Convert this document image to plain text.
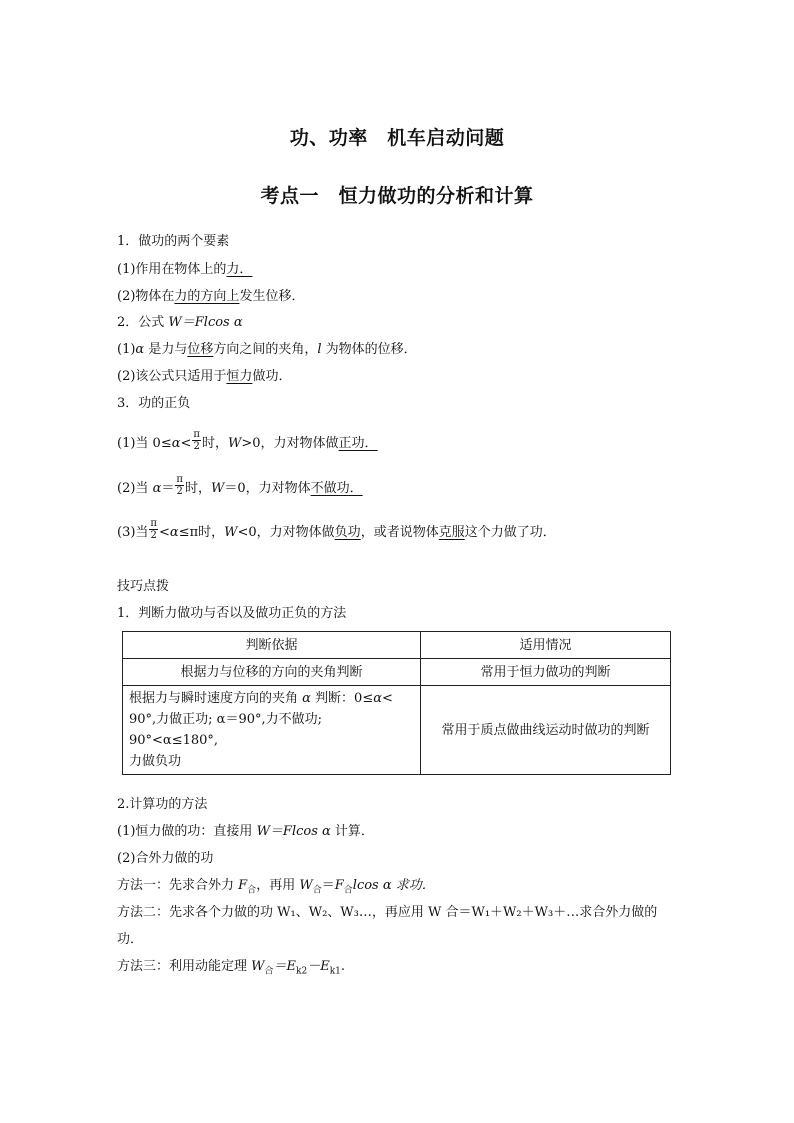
功、功率　机车启动问题
考点一　恒力做功的分析和计算
1．做功的两个要素
(1)作用在物体上的力．
(2)物体在力的方向上发生位移．
2．公式 W＝Flcos α
(1)α 是力与位移方向之间的夹角，l 为物体的位移．
(2)该公式只适用于恒力做功．
3．功的正负
(1)当 $0\le\alpha< \frac{\pi}{2}$ 时，W>0，力对物体做正功．
(2)当 $\alpha= \frac{\pi}{2}$ 时，W＝0，力对物体不做功．
(3)当 $\frac{\pi}{2} <\alpha\le\pi$时，W<0，力对物体做负功，或者说物体克服这个力做了功．
技巧点拨
1．判断力做功与否以及做功正负的方法
判断依据	适用情况
根据力与位移的方向的夹角判断	常用于恒力做功的判断
根据力与瞬时速度方向的夹角 α 判断：0≤α<
90°,力做正功; α＝90°,力不做功; 90°<α≤180°,
力做负功	常用于质点做曲线运动时做功的判断
2.计算功的方法
(1)恒力做的功：直接用 W＝Flcos α 计算．
(2)合外力做的功
方法一：先求合外力 $F_合$，再用 $W_合=F_合lcos$ α 求功．
方法二：先求各个力做的功 W₁、W₂、W₃…，再应用 W 合＝W₁＋W₂＋W₃＋…求合外力做的
功．
方法三：利用动能定理 $W_合=E_{k2}-E_{k1}$.
